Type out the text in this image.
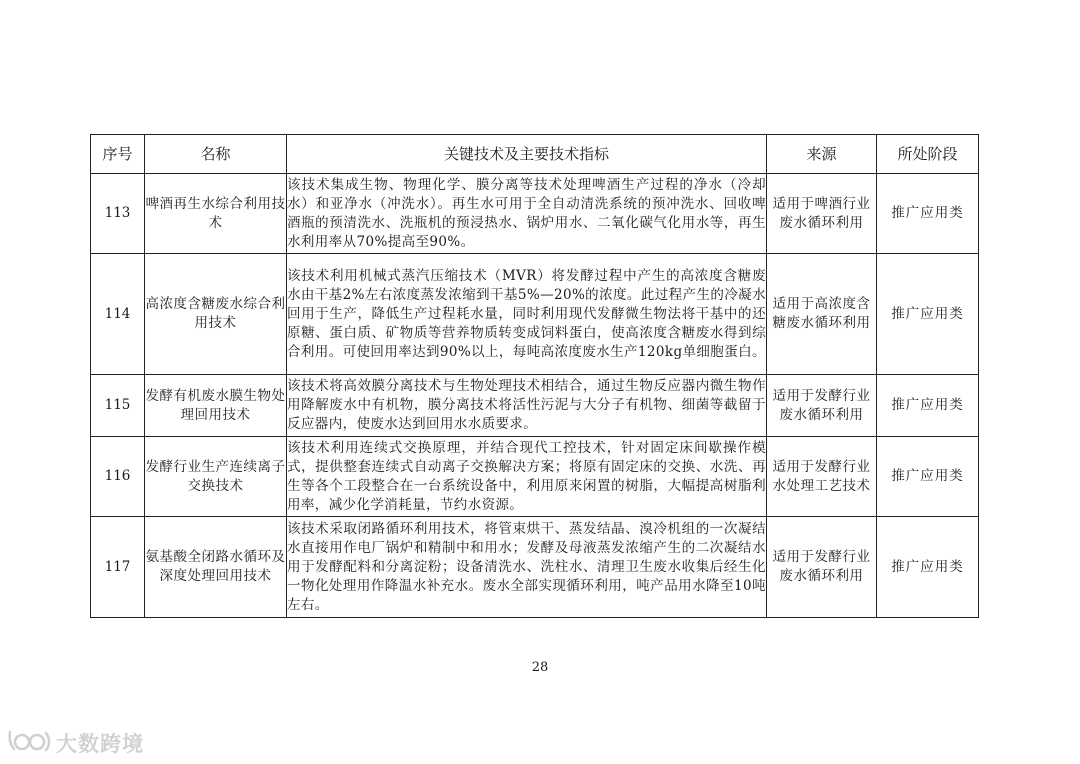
序号	名称	关键技术及主要技术指标	来源	所处阶段
113	啤酒再生水综合利用技术	该技术集成生物、物理化学、膜分离等技术处理啤酒生产过程的净水（冷却水）和亚净水（冲洗水）。再生水可用于全自动清洗系统的预冲洗水、回收啤酒瓶的预清洗水、洗瓶机的预浸热水、锅炉用水、二氧化碳气化用水等，再生水利用率从70%提高至90%。	适用于啤酒行业废水循环利用	推广应用类
114	高浓度含糖废水综合利用技术	该技术利用机械式蒸汽压缩技术（MVR）将发酵过程中产生的高浓度含糖废水由干基2%左右浓度蒸发浓缩到干基5%—20%的浓度。此过程产生的冷凝水回用于生产，降低生产过程耗水量，同时利用现代发酵微生物法将干基中的还原糖、蛋白质、矿物质等营养物质转变成饲料蛋白，使高浓度含糖废水得到综合利用。可使回用率达到90%以上，每吨高浓度废水生产120kg单细胞蛋白。	适用于高浓度含糖废水循环利用	推广应用类
115	发酵有机废水膜生物处理回用技术	该技术将高效膜分离技术与生物处理技术相结合，通过生物反应器内微生物作用降解废水中有机物，膜分离技术将活性污泥与大分子有机物、细菌等截留于反应器内，使废水达到回用水水质要求。	适用于发酵行业废水循环利用	推广应用类
116	发酵行业生产连续离子交换技术	该技术利用连续式交换原理，并结合现代工控技术，针对固定床间歇操作模式，提供整套连续式自动离子交换解决方案；将原有固定床的交换、水洗、再生等各个工段整合在一台系统设备中，利用原来闲置的树脂，大幅提高树脂利用率，减少化学消耗量，节约水资源。	适用于发酵行业水处理工艺技术	推广应用类
117	氨基酸全闭路水循环及深度处理回用技术	该技术采取闭路循环利用技术，将管束烘干、蒸发结晶、溴冷机组的一次凝结水直接用作电厂锅炉和精制中和用水；发酵及母液蒸发浓缩产生的二次凝结水用于发酵配料和分离淀粉；设备清洗水、洗柱水、清理卫生废水收集后经生化一物化处理用作降温水补充水。废水全部实现循环利用，吨产品用水降至10吨左右。	适用于发酵行业废水循环利用	推广应用类
28
大数跨境
